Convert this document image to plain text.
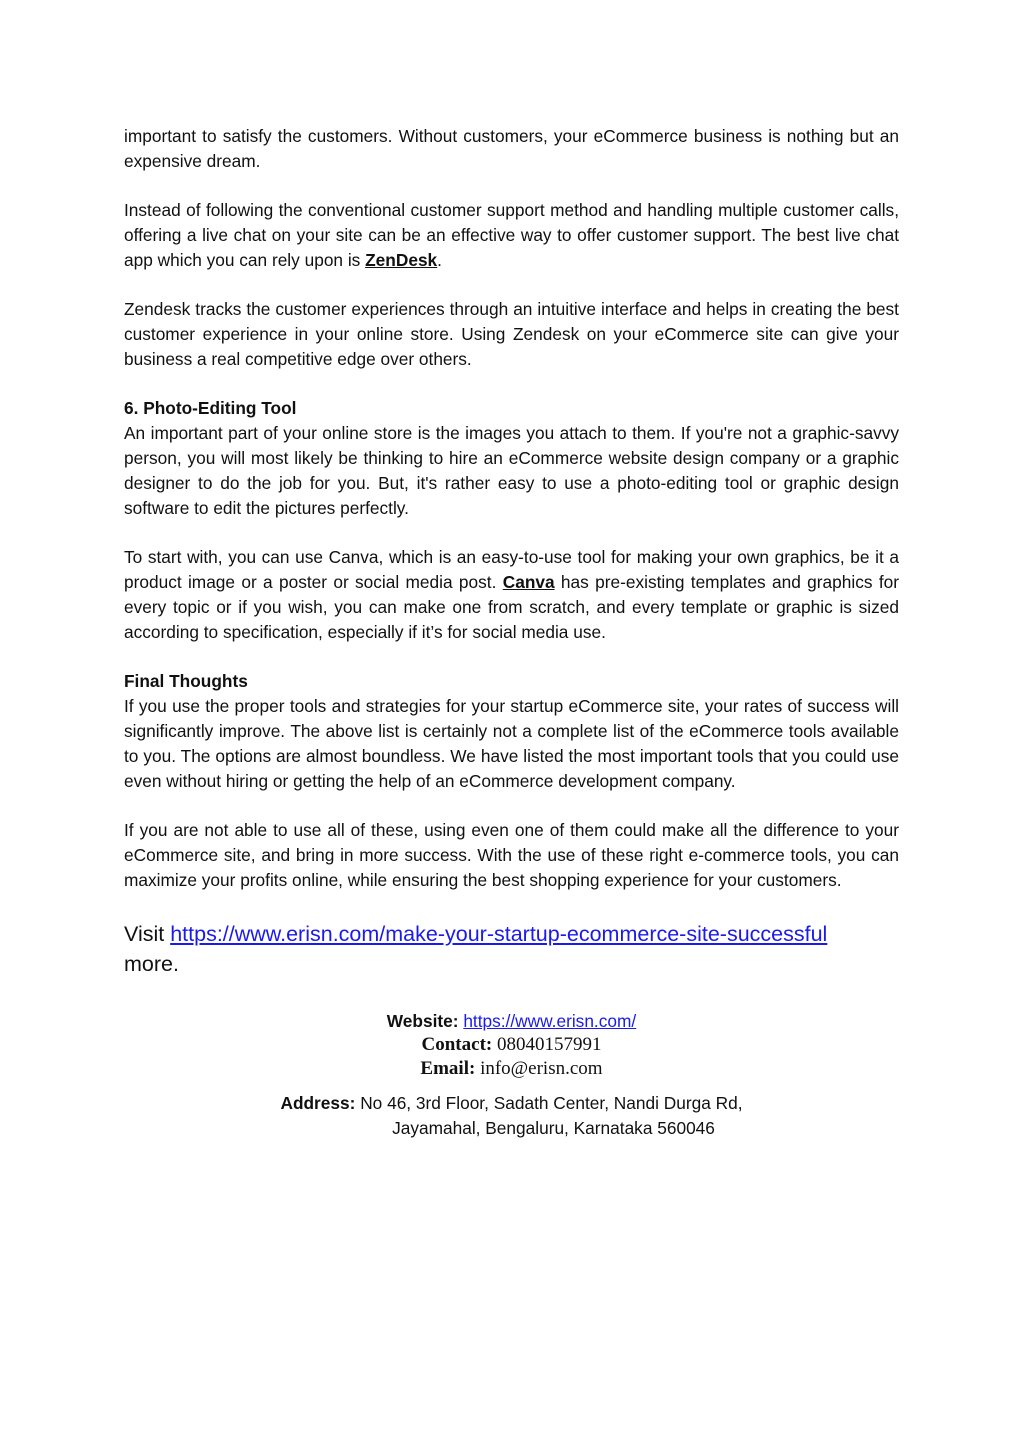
important to satisfy the customers. Without customers, your eCommerce business is nothing but an expensive dream.

Instead of following the conventional customer support method and handling multiple customer calls, offering a live chat on your site can be an effective way to offer customer support. The best live chat app which you can rely upon is ZenDesk.

Zendesk tracks the customer experiences through an intuitive interface and helps in creating the best customer experience in your online store. Using Zendesk on your eCommerce site can give your business a real competitive edge over others.

6. Photo-Editing Tool

An important part of your online store is the images you attach to them. If you're not a graphic-savvy person, you will most likely be thinking to hire an eCommerce website design company or a graphic designer to do the job for you. But, it's rather easy to use a photo-editing tool or graphic design software to edit the pictures perfectly.

To start with, you can use Canva, which is an easy-to-use tool for making your own graphics, be it a product image or a poster or social media post. Canva has pre-existing templates and graphics for every topic or if you wish, you can make one from scratch, and every template or graphic is sized according to specification, especially if it’s for social media use.

Final Thoughts

If you use the proper tools and strategies for your startup eCommerce site, your rates of success will significantly improve. The above list is certainly not a complete list of the eCommerce tools available to you. The options are almost boundless. We have listed the most important tools that you could use even without hiring or getting the help of an eCommerce development company.

If you are not able to use all of these, using even one of them could make all the difference to your eCommerce site, and bring in more success. With the use of these right e-commerce tools, you can maximize your profits online, while ensuring the best shopping experience for your customers.

Visit https://www.erisn.com/make-your-startup-ecommerce-site-successful
more.
Website: https://www.erisn.com/
Contact: 08040157991
Email: info@erisn.com
Address: No 46, 3rd Floor, Sadath Center, Nandi Durga Rd,
Jayamahal, Bengaluru, Karnataka 560046
